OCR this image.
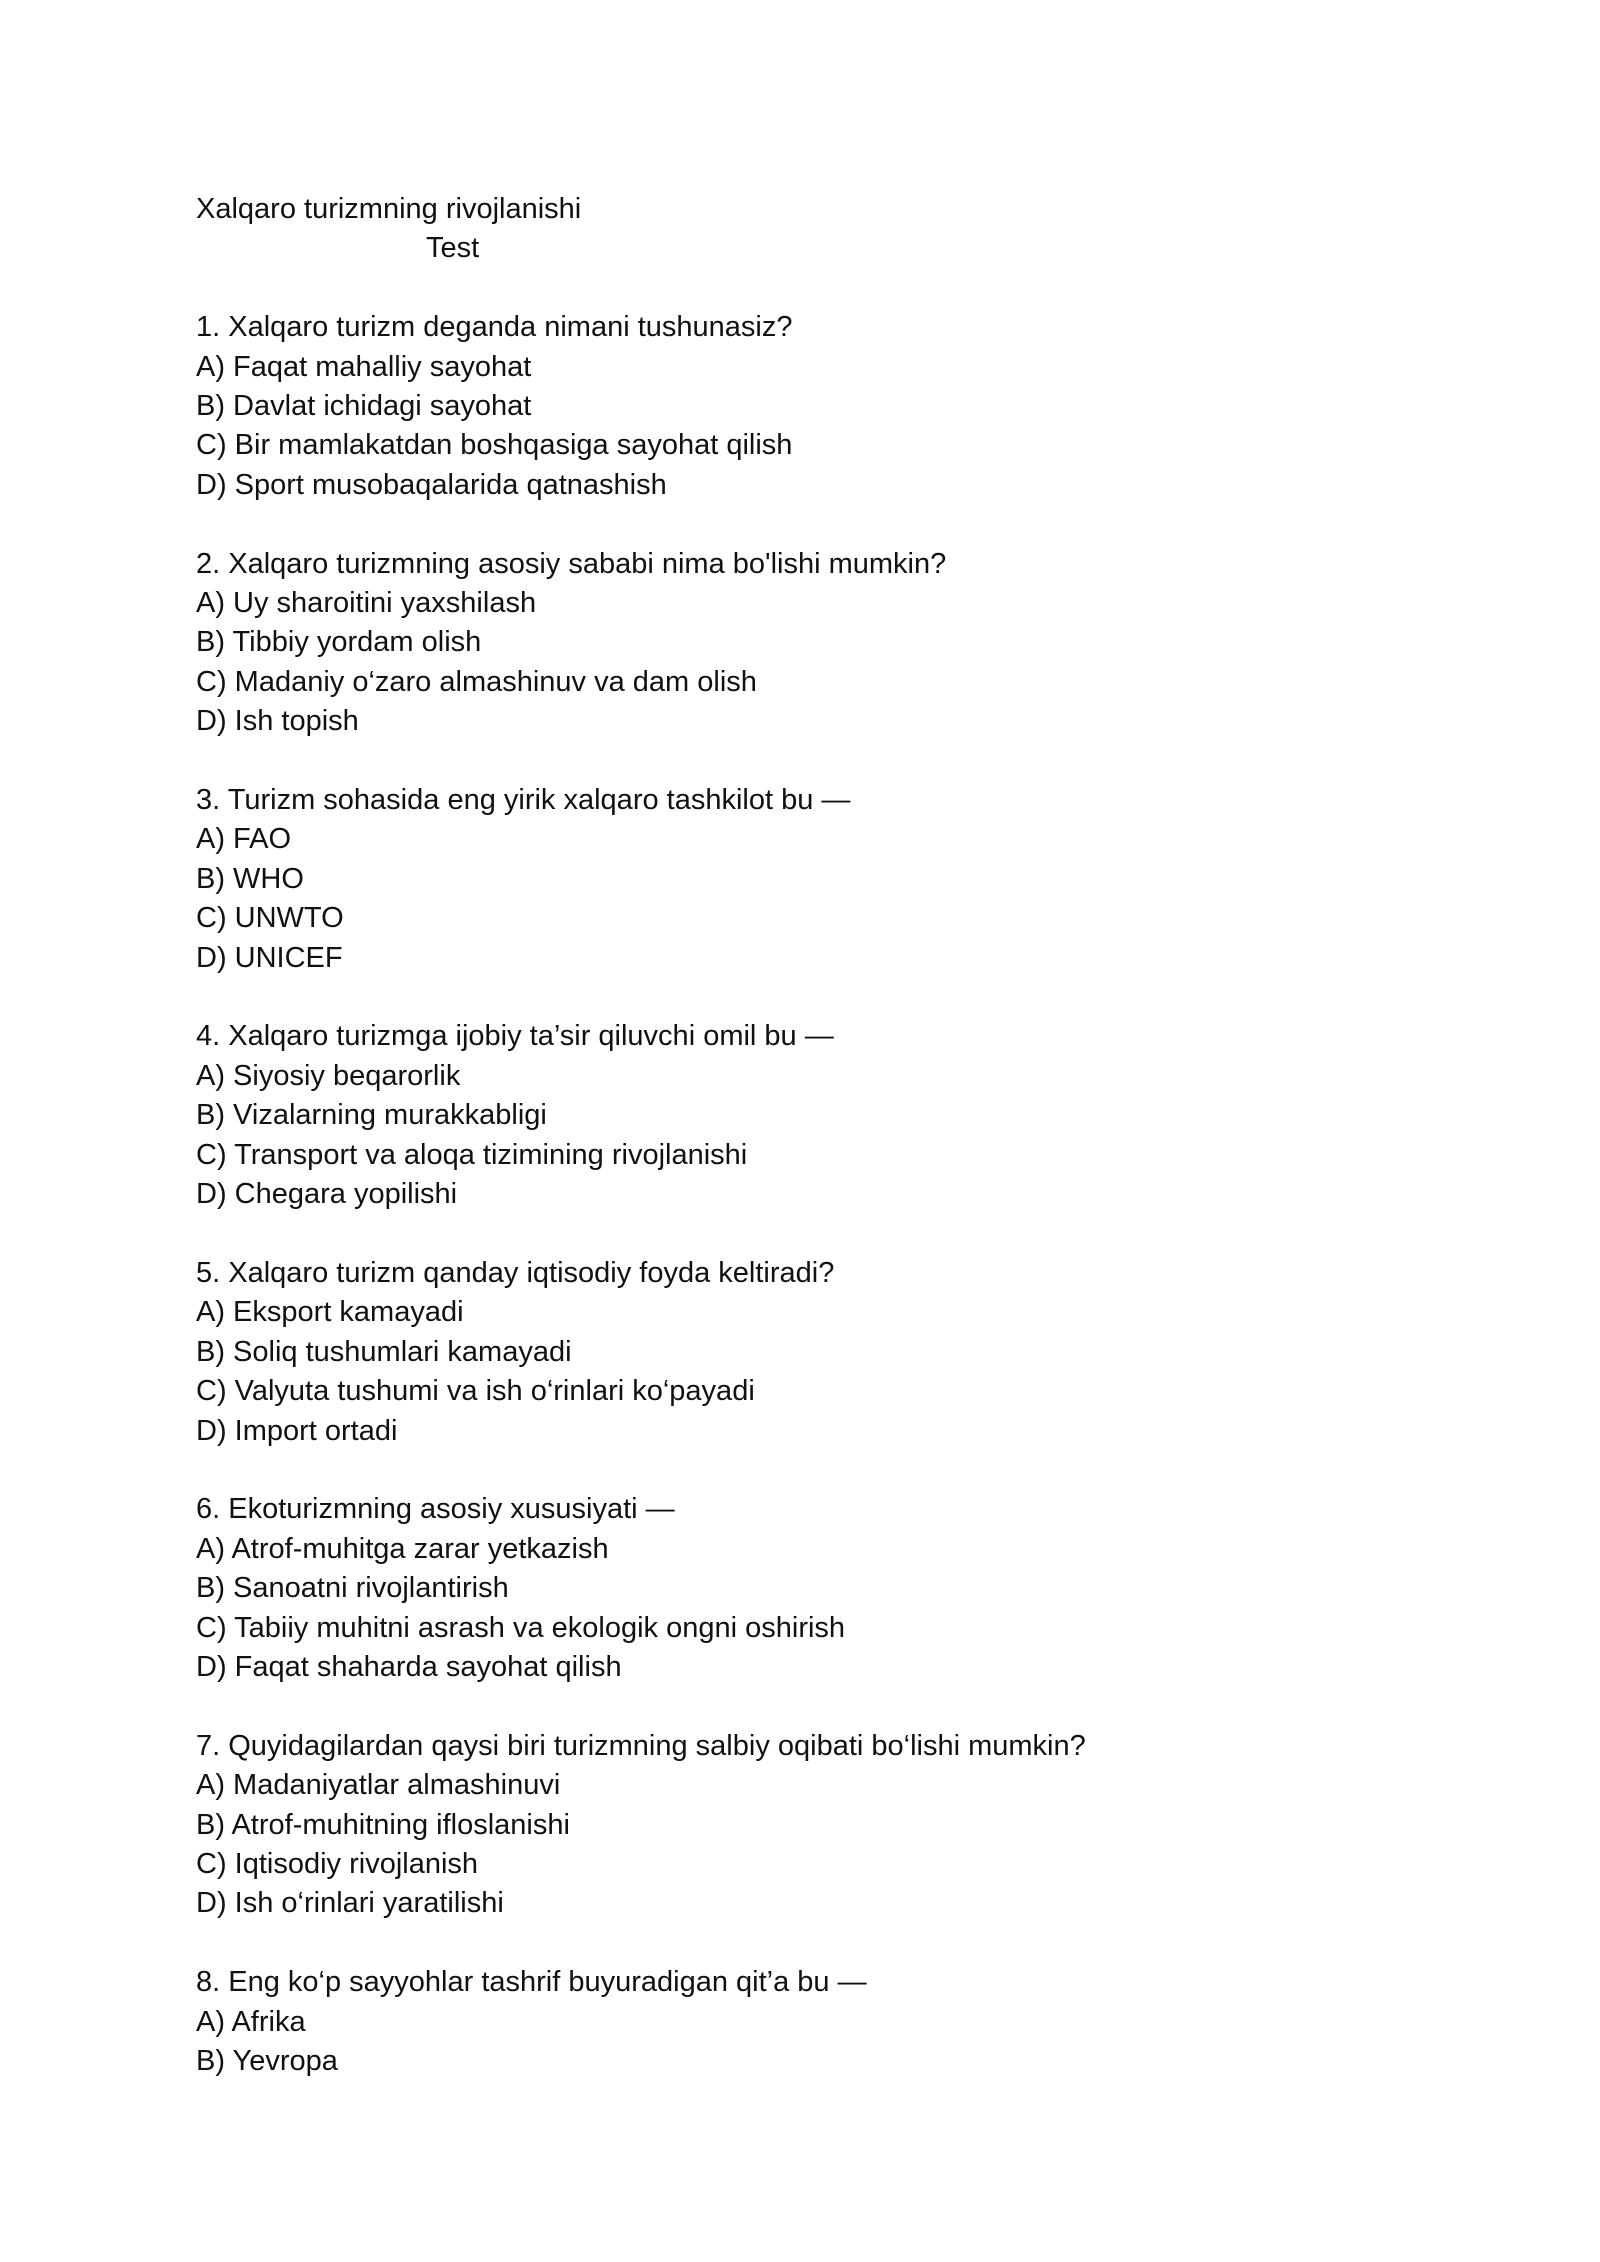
Xalqaro turizmning rivojlanishi
Test
1. Xalqaro turizm deganda nimani tushunasiz?
A) Faqat mahalliy sayohat
B) Davlat ichidagi sayohat
C) Bir mamlakatdan boshqasiga sayohat qilish
D) Sport musobaqalarida qatnashish
2. Xalqaro turizmning asosiy sababi nima bo'lishi mumkin?
A) Uy sharoitini yaxshilash
B) Tibbiy yordam olish
C) Madaniy o‘zaro almashinuv va dam olish
D) Ish topish
3. Turizm sohasida eng yirik xalqaro tashkilot bu —
A) FAO
B) WHO
C) UNWTO
D) UNICEF
4. Xalqaro turizmga ijobiy ta’sir qiluvchi omil bu —
A) Siyosiy beqarorlik
B) Vizalarning murakkabligi
C) Transport va aloqa tizimining rivojlanishi
D) Chegara yopilishi
5. Xalqaro turizm qanday iqtisodiy foyda keltiradi?
A) Eksport kamayadi
B) Soliq tushumlari kamayadi
C) Valyuta tushumi va ish o‘rinlari ko‘payadi
D) Import ortadi
6. Ekoturizmning asosiy xususiyati —
A) Atrof-muhitga zarar yetkazish
B) Sanoatni rivojlantirish
C) Tabiiy muhitni asrash va ekologik ongni oshirish
D) Faqat shaharda sayohat qilish
7. Quyidagilardan qaysi biri turizmning salbiy oqibati bo‘lishi mumkin?
A) Madaniyatlar almashinuvi
B) Atrof-muhitning ifloslanishi
C) Iqtisodiy rivojlanish
D) Ish o‘rinlari yaratilishi
8. Eng ko‘p sayyohlar tashrif buyuradigan qit’a bu —
A) Afrika
B) Yevropa
